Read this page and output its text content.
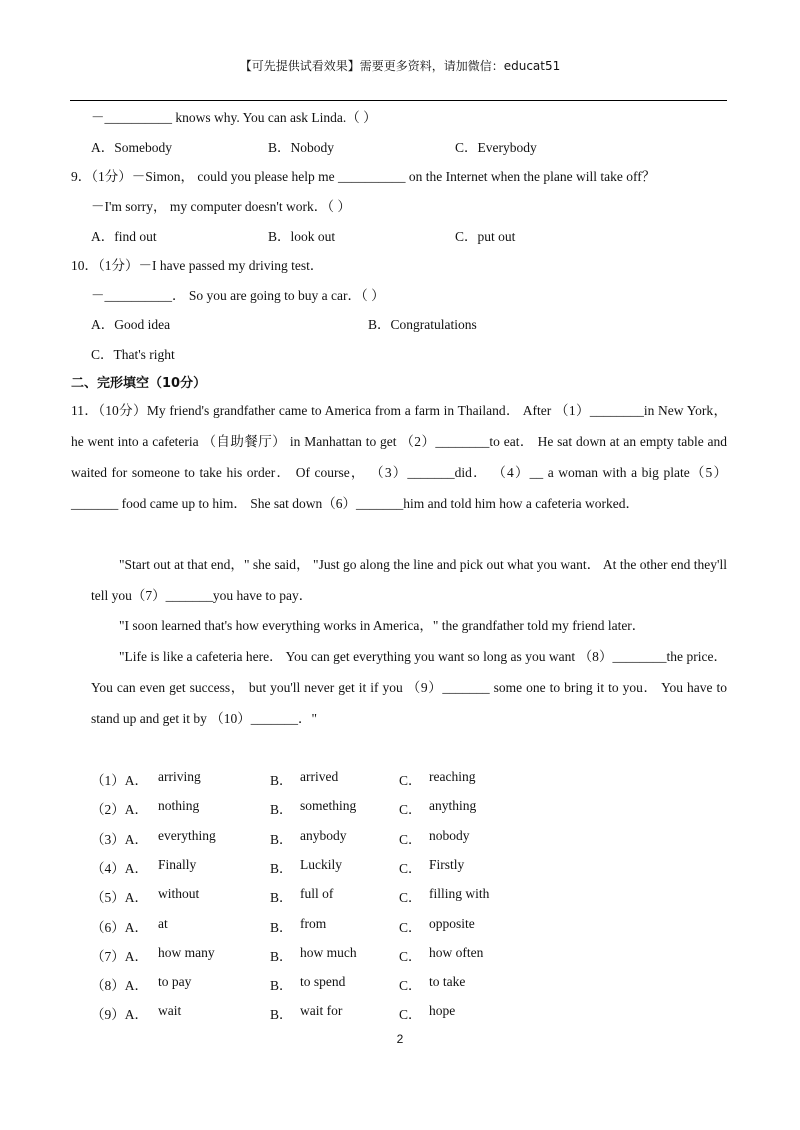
【可先提供试看效果】需要更多资料，请加微信：educat51
－__________ knows why. You can ask Linda.（ ）
A．Somebody	B．Nobody	C．Everybody
9．（1分）－Simon， could you please help me __________ on the Internet when the plane will take off？
－I'm sorry， my computer doesn't work．（ ）
A．find out	B．look out	C．put out
10．（1分）－I have passed my driving test．
－__________． So you are going to buy a car．（ ）
A．Good idea	B．Congratulations
C．That's right
二、完形填空（10分）
11．（10分）My friend's grandfather came to America from a farm in Thailand． After （1）________in New York， he went into a cafeteria （自助餐厅） in Manhattan to get （2）________to eat． He sat down at an empty table and waited for someone to take his order． Of course， （3）_______did． （4）__ a woman with a big plate（5）_______ food came up to him． She sat down（6）_______him and told him how a cafeteria worked．
"Start out at that end，" she said， "Just go along the line and pick out what you want． At the other end they'll tell you（7）_______you have to pay．
"I soon learned that's how everything works in America，" the grandfather told my friend later．
"Life is like a cafeteria here． You can get everything you want so long as you want （8）________the price． You can even get success， but you'll never get it if you （9）_______ some one to bring it to you． You have to stand up and get it by （10）_______．"
（1）A． arriving	B． arrived	C． reaching
（2）A． nothing	B． something	C． anything
（3）A． everything	B． anybody	C． nobody
（4）A． Finally	B． Luckily	C． Firstly
（5）A． without	B． full of	C． filling with
（6）A． at	B． from	C． opposite
（7）A． how many	B． how much	C． how often
（8）A． to pay	B． to spend	C． to take
（9）A． wait	B． wait for	C． hope
2
